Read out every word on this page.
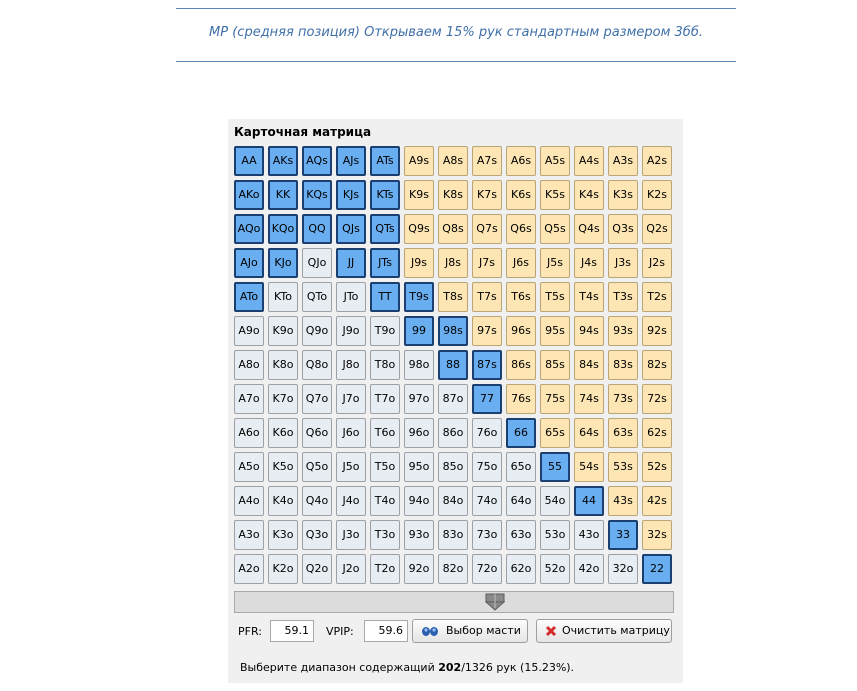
MP (средняя позиция) Открываем 15% рук стандартным размером 3бб.
Карточная матрица
AA	AKs	AQs	AJs	ATs	A9s	A8s	A7s	A6s	A5s	A4s	A3s	A2s
AKo	KK	KQs	KJs	KTs	K9s	K8s	K7s	K6s	K5s	K4s	K3s	K2s
AQo	KQo	QQ	QJs	QTs	Q9s	Q8s	Q7s	Q6s	Q5s	Q4s	Q3s	Q2s
AJo	KJo	QJo	JJ	JTs	J9s	J8s	J7s	J6s	J5s	J4s	J3s	J2s
ATo	KTo	QTo	JTo	TT	T9s	T8s	T7s	T6s	T5s	T4s	T3s	T2s
A9o	K9o	Q9o	J9o	T9o	99	98s	97s	96s	95s	94s	93s	92s
A8o	K8o	Q8o	J8o	T8o	98o	88	87s	86s	85s	84s	83s	82s
A7o	K7o	Q7o	J7o	T7o	97o	87o	77	76s	75s	74s	73s	72s
A6o	K6o	Q6o	J6o	T6o	96o	86o	76o	66	65s	64s	63s	62s
A5o	K5o	Q5o	J5o	T5o	95o	85o	75o	65o	55	54s	53s	52s
A4o	K4o	Q4o	J4o	T4o	94o	84o	74o	64o	54o	44	43s	42s
A3o	K3o	Q3o	J3o	T3o	93o	83o	73o	63o	53o	43o	33	32s
A2o	K2o	Q2o	J2o	T2o	92o	82o	72o	62o	52o	42o	32o	22
PFR:	59.1	VPIP:	59.6	Выбор масти	Очистить матрицу
Выберите диапазон содержащий 202/1326 рук (15.23%).
